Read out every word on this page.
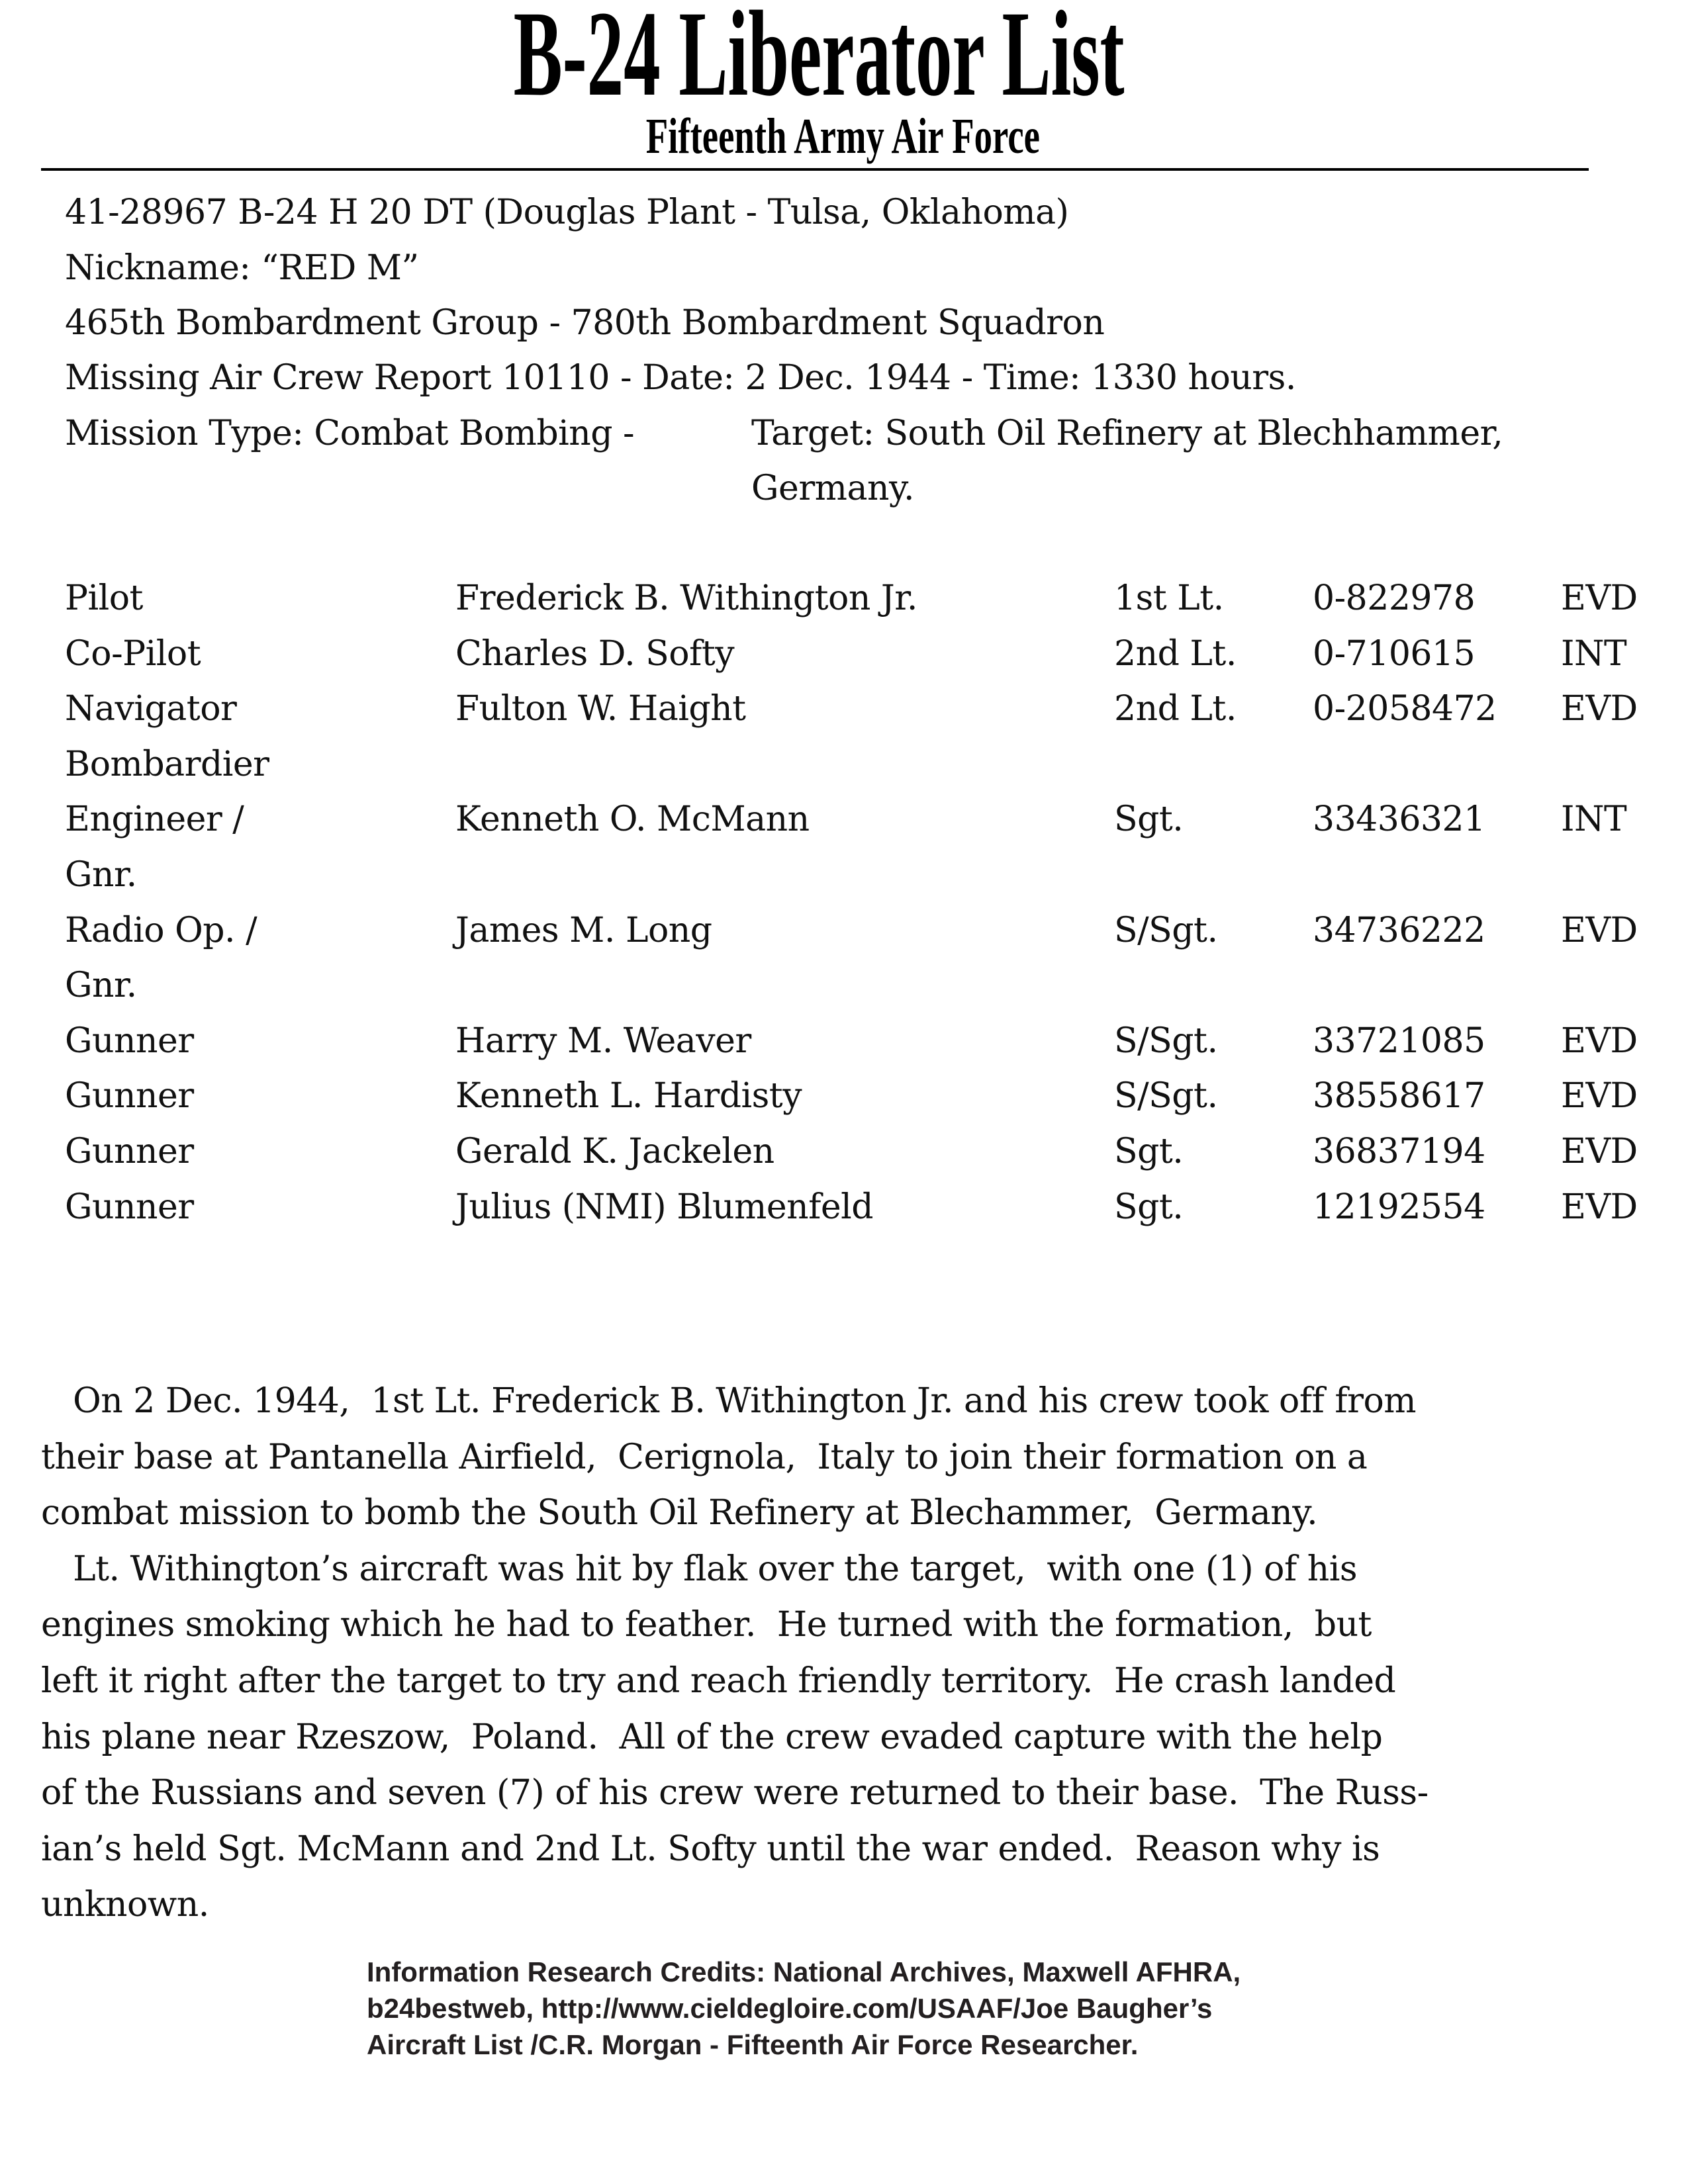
B-24 Liberator List
Fifteenth Army Air Force
41-28967 B-24 H 20 DT (Douglas Plant - Tulsa, Oklahoma)
Nickname: “RED M”
465th Bombardment Group - 780th Bombardment Squadron
Missing Air Crew Report 10110 - Date: 2 Dec. 1944 - Time: 1330 hours.
Mission Type: Combat Bombing -	Target: South Oil Refinery at Blechhammer,
Germany.
Pilot	Frederick B. Withington Jr.	1st Lt.	0-822978 EVD
Co-Pilot	Charles D. Softy	2nd Lt. 0-710615 INT
Navigator	Fulton W. Haight	2nd Lt. 0-2058472 EVD
Bombardier
Engineer /	Kenneth O. McMann	Sgt.	33436321 INT
Gnr.
Radio Op. /	James M. Long	S/Sgt.	34736222 EVD
Gnr.
Gunner	Harry M. Weaver	S/Sgt.	33721085 EVD
Gunner	Kenneth L. Hardisty	S/Sgt.	38558617 EVD
Gunner	Gerald K. Jackelen	Sgt.	36837194 EVD
Gunner	Julius (NMI) Blumenfeld	Sgt.	12192554 EVD
On 2 Dec. 1944,  1st Lt. Frederick B. Withington Jr. and his crew took off from
their base at Pantanella Airfield,  Cerignola,  Italy to join their formation on a
combat mission to bomb the South Oil Refinery at Blechammer,  Germany.
Lt. Withington’s aircraft was hit by flak over the target,  with one (1) of his
engines smoking which he had to feather.  He turned with the formation,  but
left it right after the target to try and reach friendly territory.  He crash landed
his plane near Rzeszow,  Poland.  All of the crew evaded capture with the help
of the Russians and seven (7) of his crew were returned to their base.  The Russ-
ian’s held Sgt. McMann and 2nd Lt. Softy until the war ended.  Reason why is
unknown.
Information Research Credits: National Archives, Maxwell AFHRA,
b24bestweb, http://www.cieldegloire.com/USAAF/Joe Baugher’s
Aircraft List /C.R. Morgan - Fifteenth Air Force Researcher.
